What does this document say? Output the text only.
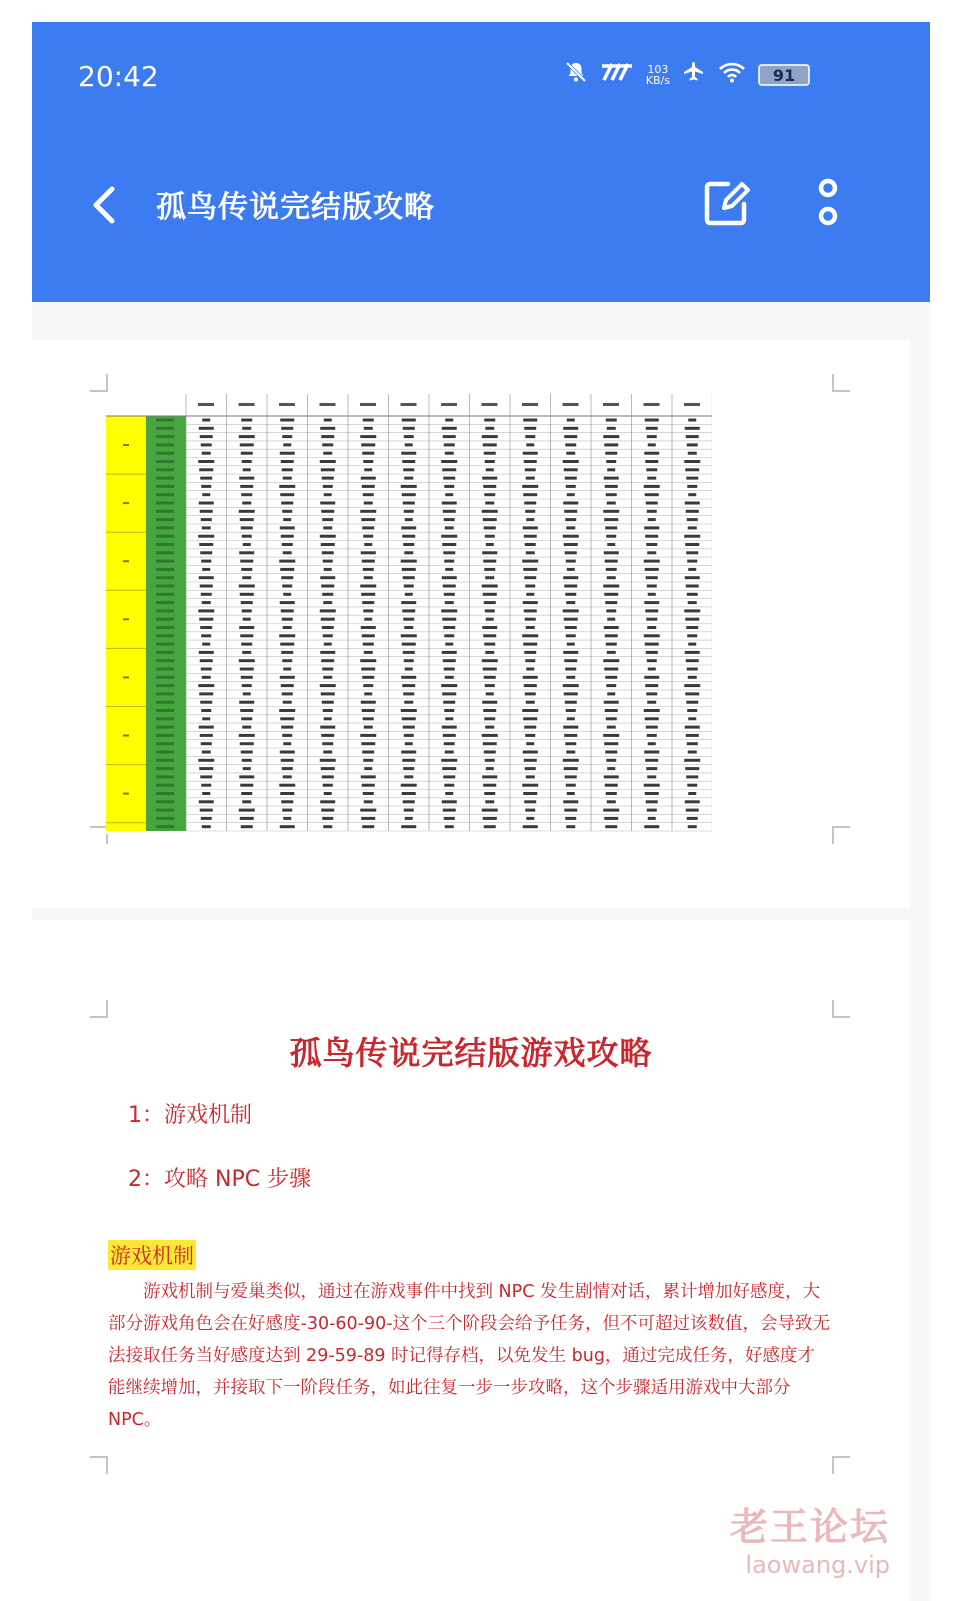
20:42	103
KB/s	91
孤鸟传说完结版攻略
孤鸟传说完结版游戏攻略
1：游戏机制
2：攻略 NPC 步骤
游戏机制
游戏机制与爱巢类似，通过在游戏事件中找到 NPC 发生剧情对话，累计增加好感度，大部分游戏角色会在好感度-30-60-90-这个三个阶段会给予任务，但不可超过该数值，会导致无法接取任务当好感度达到 29-59-89 时记得存档，以免发生 bug，通过完成任务，好感度才能继续增加，并接取下一阶段任务，如此往复一步一步攻略，这个步骤适用游戏中大部分 NPC。
老王论坛
laowang.vip
